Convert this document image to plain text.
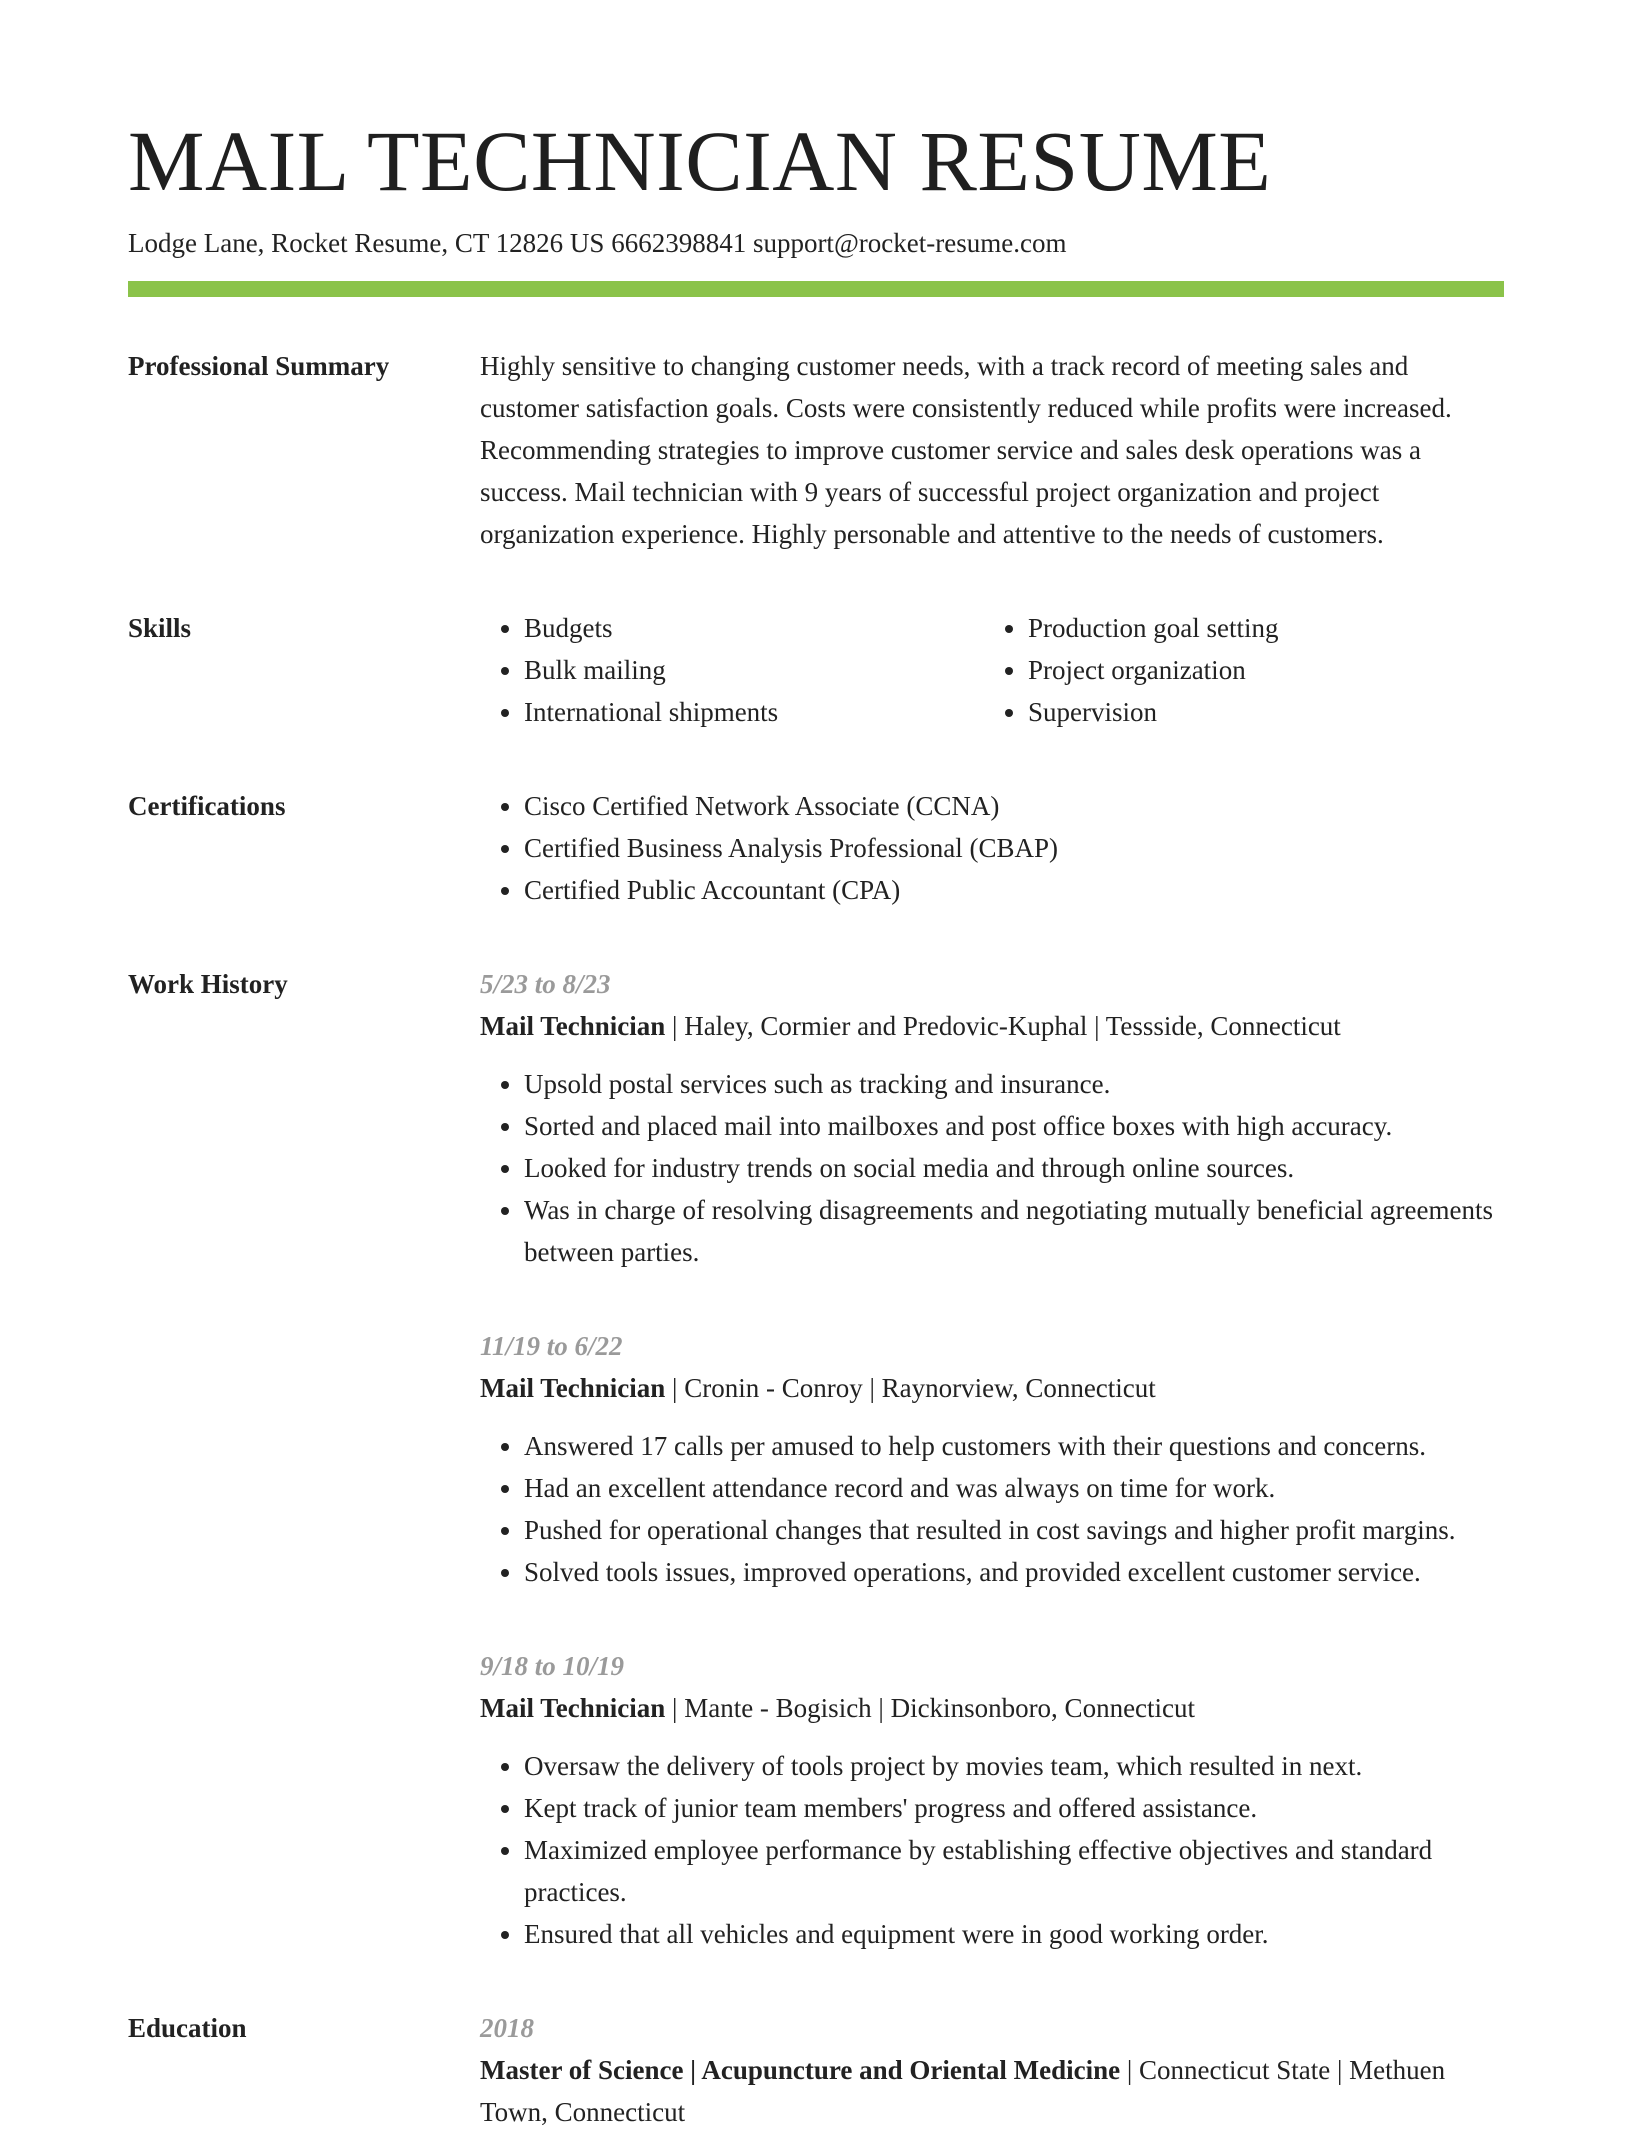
MAIL TECHNICIAN RESUME
Lodge Lane, Rocket Resume, CT 12826 US 6662398841 support@rocket-resume.com
Professional Summary	Highly sensitive to changing customer needs, with a track record of meeting sales and customer satisfaction goals. Costs were consistently reduced while profits were increased. Recommending strategies to improve customer service and sales desk operations was a success. Mail technician with 9 years of successful project organization and project organization experience. Highly personable and attentive to the needs of customers.

Skills	• Budgets
• Bulk mailing
• International shipments
• Production goal setting
• Project organization
• Supervision
Certifications	• Cisco Certified Network Associate (CCNA)
• Certified Business Analysis Professional (CBAP)
• Certified Public Accountant (CPA)
Work History	5/23 to 8/23
Mail Technician | Haley, Cormier and Predovic-Kuphal | Tessside, Connecticut
• Upsold postal services such as tracking and insurance.
• Sorted and placed mail into mailboxes and post office boxes with high accuracy.
• Looked for industry trends on social media and through online sources.
• Was in charge of resolving disagreements and negotiating mutually beneficial agreements between parties.
11/19 to 6/22
Mail Technician | Cronin - Conroy | Raynorview, Connecticut
• Answered 17 calls per amused to help customers with their questions and concerns.
• Had an excellent attendance record and was always on time for work.
• Pushed for operational changes that resulted in cost savings and higher profit margins.
• Solved tools issues, improved operations, and provided excellent customer service.
9/18 to 10/19
Mail Technician | Mante - Bogisich | Dickinsonboro, Connecticut
• Oversaw the delivery of tools project by movies team, which resulted in next.
• Kept track of junior team members' progress and offered assistance.
• Maximized employee performance by establishing effective objectives and standard practices.
• Ensured that all vehicles and equipment were in good working order.
Education	2018
Master of Science | Acupuncture and Oriental Medicine | Connecticut State | Methuen Town, Connecticut
